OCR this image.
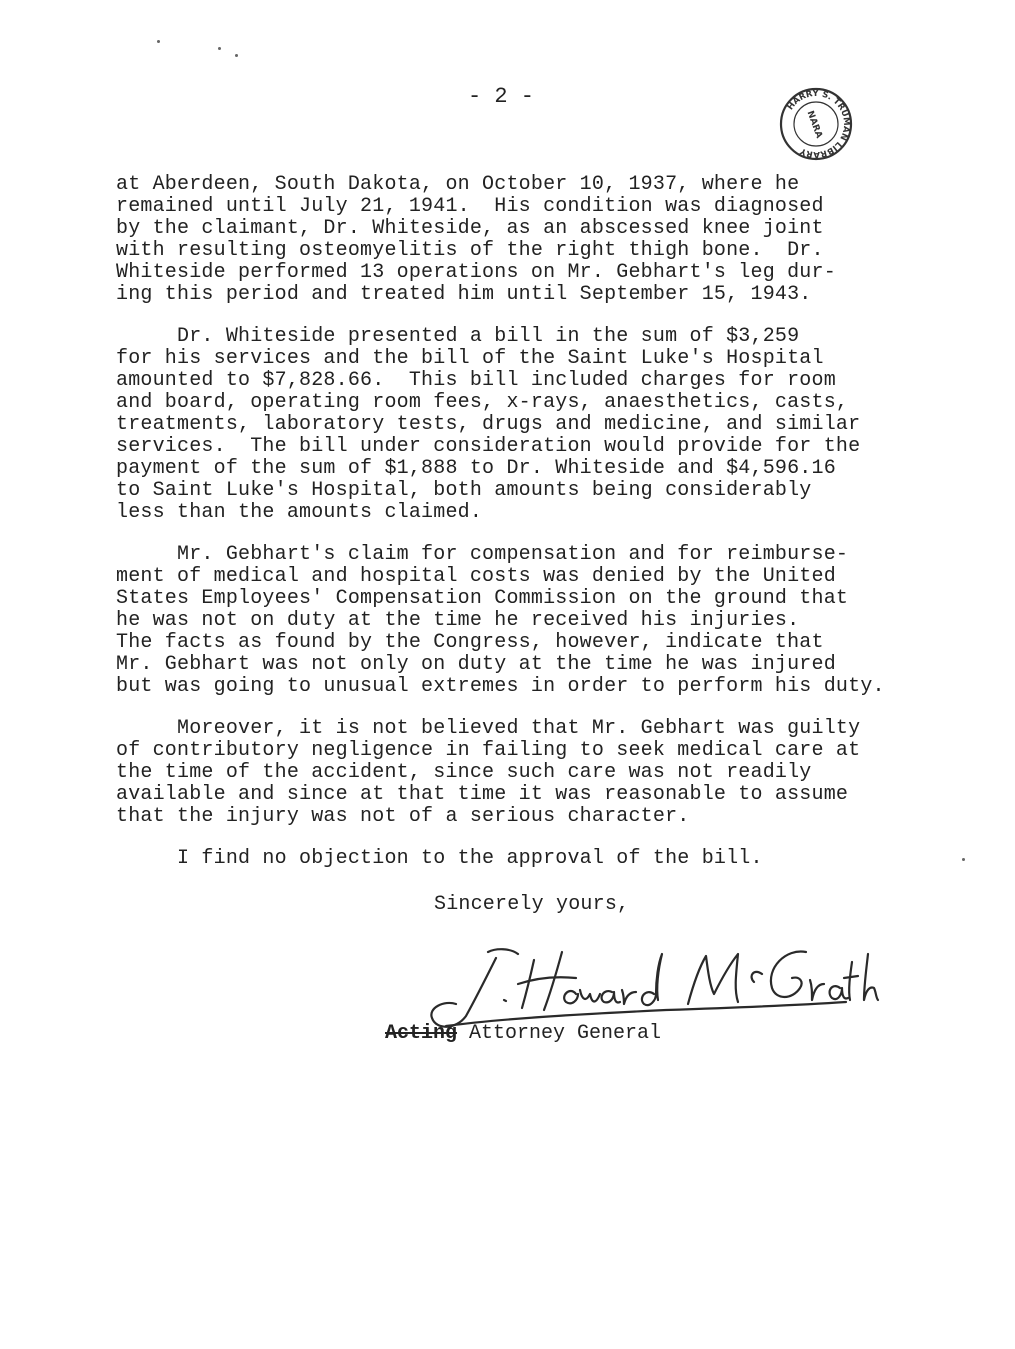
- 2 -	HARRY S. TRUMAN LIBRARY
NARA
at Aberdeen, South Dakota, on October 10, 1937, where he
remained until July 21, 1941.  His condition was diagnosed
by the claimant, Dr. Whiteside, as an abscessed knee joint
with resulting osteomyelitis of the right thigh bone.  Dr.
Whiteside performed 13 operations on Mr. Gebhart's leg dur-
ing this period and treated him until September 15, 1943.
Dr. Whiteside presented a bill in the sum of $3,259
for his services and the bill of the Saint Luke's Hospital
amounted to $7,828.66.  This bill included charges for room
and board, operating room fees, x-rays, anaesthetics, casts,
treatments, laboratory tests, drugs and medicine, and similar
services.  The bill under consideration would provide for the
payment of the sum of $1,888 to Dr. Whiteside and $4,596.16
to Saint Luke's Hospital, both amounts being considerably
less than the amounts claimed.
Mr. Gebhart's claim for compensation and for reimburse-
ment of medical and hospital costs was denied by the United
States Employees' Compensation Commission on the ground that
he was not on duty at the time he received his injuries.
The facts as found by the Congress, however, indicate that
Mr. Gebhart was not only on duty at the time he was injured
but was going to unusual extremes in order to perform his duty.
Moreover, it is not believed that Mr. Gebhart was guilty
of contributory negligence in failing to seek medical care at
the time of the accident, since such care was not readily
available and since at that time it was reasonable to assume
that the injury was not of a serious character.
I find no objection to the approval of the bill.
Sincerely yours,
Acting Attorney General
